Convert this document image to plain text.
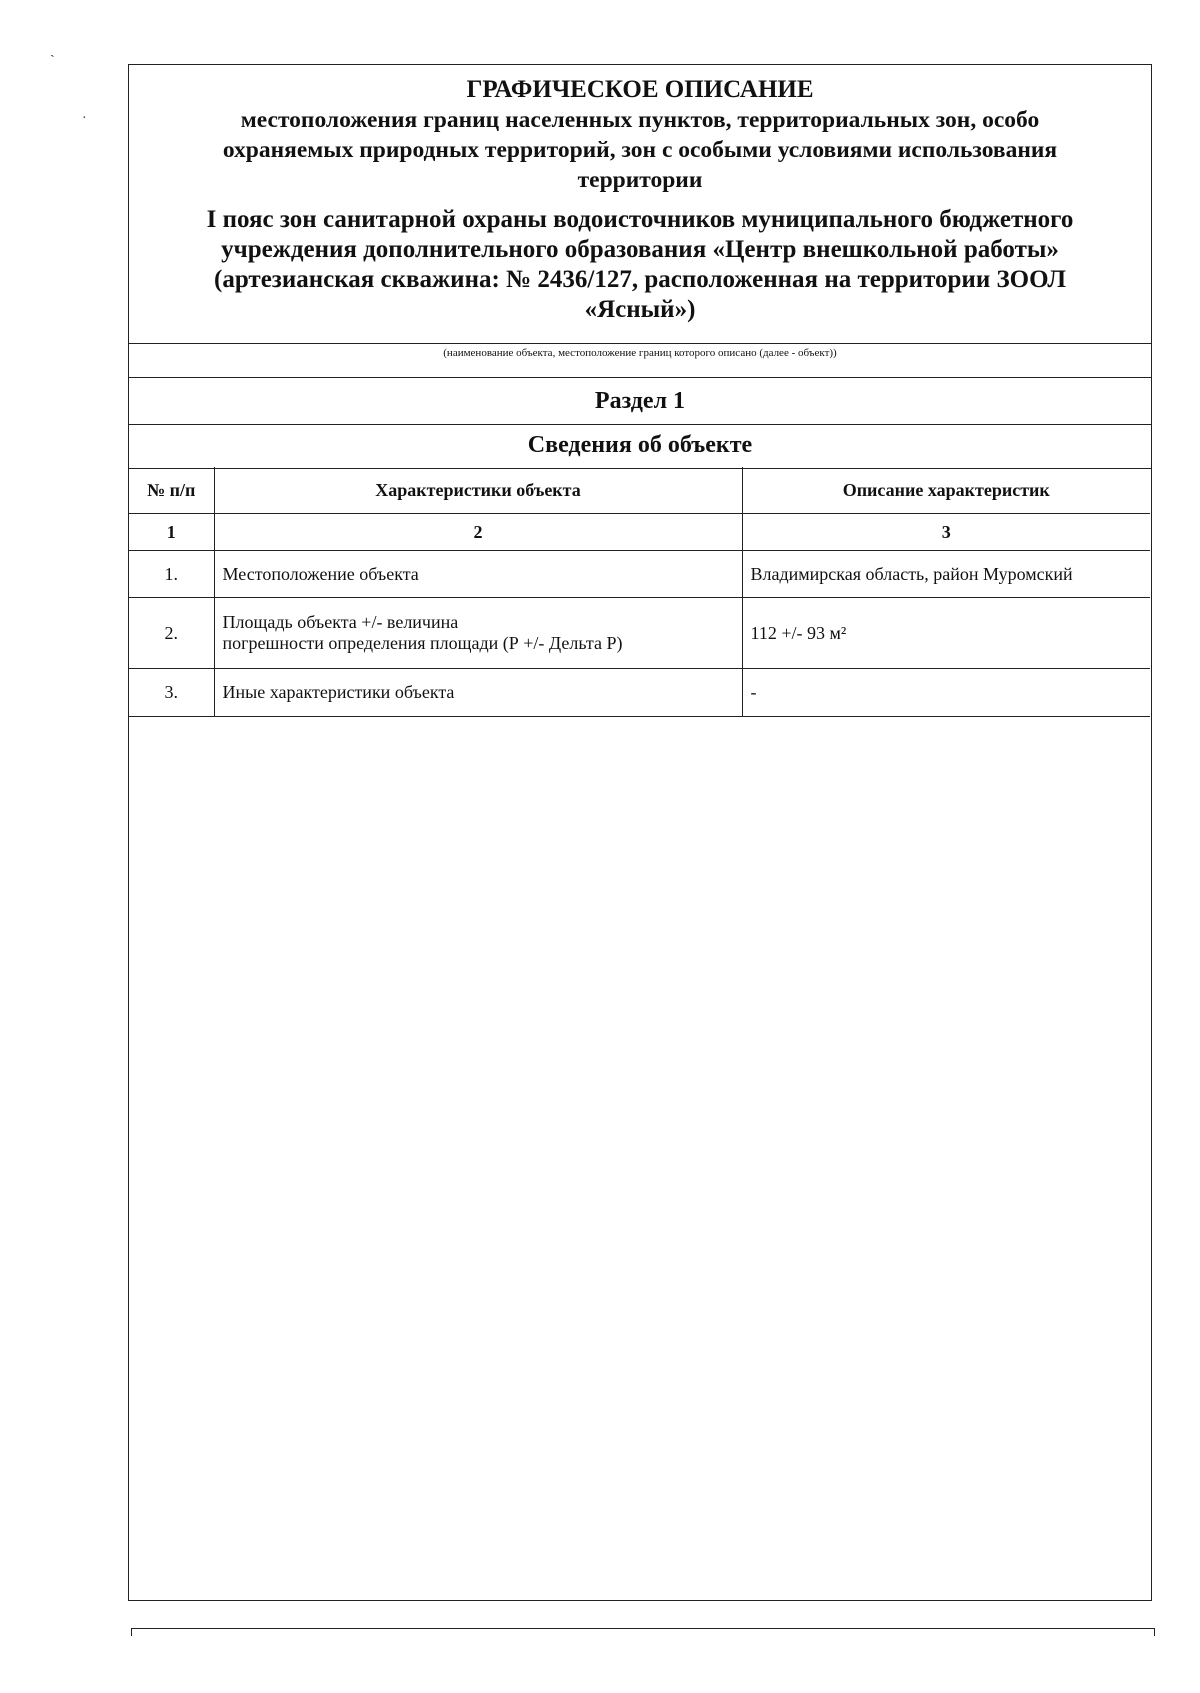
ˏ
·
ГРАФИЧЕСКОЕ ОПИСАНИЕ
местоположения границ населенных пунктов, территориальных зон, особо
охраняемых природных территорий, зон с особыми условиями использования
территории
I пояс зон санитарной охраны водоисточников муниципального бюджетного
учреждения дополнительного образования «Центр внешкольной работы»
(артезианская скважина: № 2436/127, расположенная на территории ЗООЛ
«Ясный»)
(наименование объекта, местоположение границ которого описано (далее - объект))
Раздел 1
Сведения об объекте
№ п/п	Характеристики объекта	Описание характеристик
1	2	3
1.	Местоположение объекта	Владимирская область, район Муромский
2.	Площадь объекта +/- величина
погрешности определения площади (Р +/- Дельта Р)	112 +/- 93 м²
3.	Иные характеристики объекта	-
